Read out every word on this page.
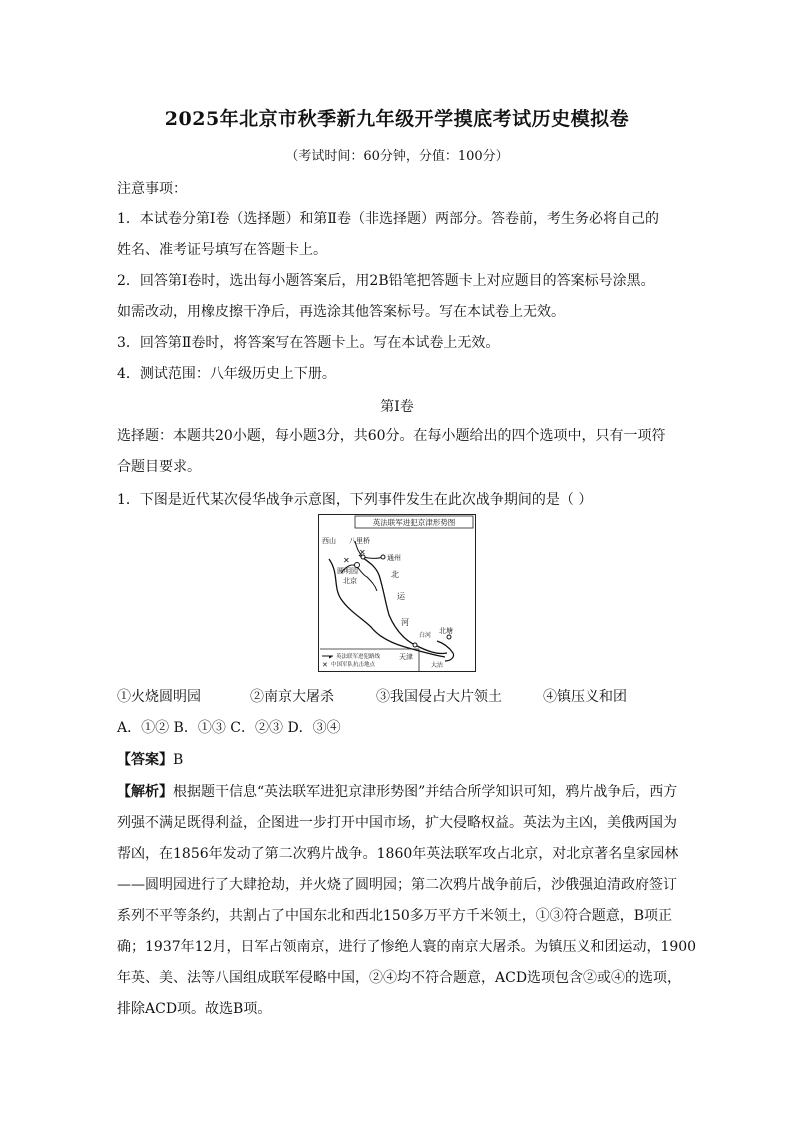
2025年北京市秋季新九年级开学摸底考试历史模拟卷
（考试时间：60分钟，分值：100分）
注意事项：
1．本试卷分第Ⅰ卷（选择题）和第Ⅱ卷（非选择题）两部分。答卷前，考生务必将自己的
姓名、准考证号填写在答题卡上。
2．回答第Ⅰ卷时，选出每小题答案后，用2B铅笔把答题卡上对应题目的答案标号涂黑。
如需改动，用橡皮擦干净后，再选涂其他答案标号。写在本试卷上无效。
3．回答第Ⅱ卷时，将答案写在答题卡上。写在本试卷上无效。
4．测试范围：八年级历史上下册。
第Ⅰ卷
选择题：本题共20小题，每小题3分，共60分。在每小题给出的四个选项中，只有一项符
合题目要求。
1．下图是近代某次侵华战争示意图，下列事件发生在此次战争期间的是（ ）
英法联军进犯京津形势图
✕
✕
西山 八里桥
通州
圆明园
北京
北
运
河
天津
北塘
白河
大沽
▸ 英法联军进犯路线
✕ 中国军队抗击地点
①火烧圆明园	②南京大屠杀	③我国侵占大片领土	④镇压义和团
A．①② B．①③ C．②③ D．③④
【答案】B
【解析】根据题干信息“英法联军进犯京津形势图”并结合所学知识可知，鸦片战争后，西方
列强不满足既得利益，企图进一步打开中国市场，扩大侵略权益。英法为主凶，美俄两国为
帮凶，在1856年发动了第二次鸦片战争。1860年英法联军攻占北京，对北京著名皇家园林
——圆明园进行了大肆抢劫，并火烧了圆明园；第二次鸦片战争前后，沙俄强迫清政府签订
系列不平等条约，共割占了中国东北和西北150多万平方千米领土，①③符合题意，B项正
确；1937年12月，日军占领南京，进行了惨绝人寰的南京大屠杀。为镇压义和团运动，1900
年英、美、法等八国组成联军侵略中国，②④均不符合题意，ACD选项包含②或④的选项，
排除ACD项。故选B项。
